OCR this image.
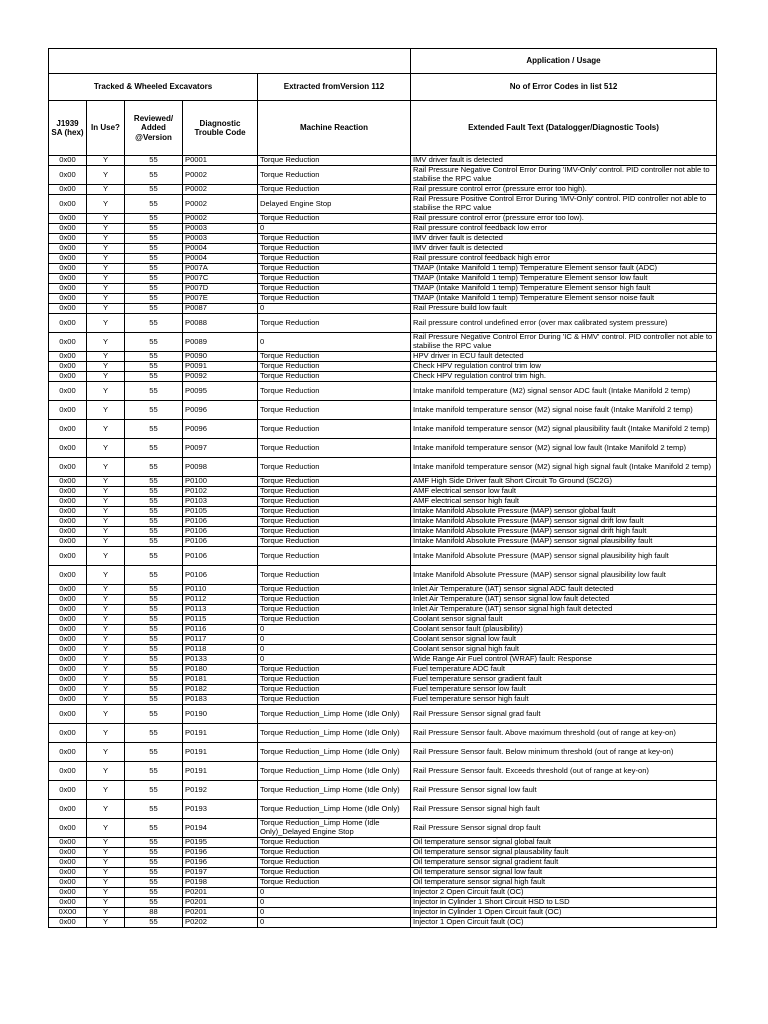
					Application / Usage
Tracked & Wheeled Excavators				Extracted fromVersion 112	No of Error Codes in list 512
J1939 SA (hex)	In Use?	Reviewed/ Added @Version	Diagnostic Trouble Code	Machine Reaction	Extended Fault Text (Datalogger/Diagnostic Tools)
0x00	Y	55	P0001	Torque Reduction	IMV driver fault is detected
0x00	Y	55	P0002	Torque Reduction	Rail Pressure Negative Control Error During 'IMV-Only' control. PID controller not able to stabilise the RPC value
0x00	Y	55	P0002	Torque Reduction	Rail pressure control error (pressure error too high).
0x00	Y	55	P0002	Delayed Engine Stop	Rail Pressure Positive Control Error During 'IMV-Only' control. PID controller not able to stabilise the RPC value
0x00	Y	55	P0002	Torque Reduction	Rail pressure control error (pressure error too low).
0x00	Y	55	P0003	0	Rail pressure control feedback low error
0x00	Y	55	P0003	Torque Reduction	IMV driver fault is detected
0x00	Y	55	P0004	Torque Reduction	IMV driver fault is detected
0x00	Y	55	P0004	Torque Reduction	Rail pressure control feedback high error
0x00	Y	55	P007A	Torque Reduction	TMAP (Intake Manifold 1 temp) Temperature Element sensor fault (ADC)
0x00	Y	55	P007C	Torque Reduction	TMAP (Intake Manifold 1 temp) Temperature Element sensor low fault
0x00	Y	55	P007D	Torque Reduction	TMAP (Intake Manifold 1 temp) Temperature Element sensor high fault
0x00	Y	55	P007E	Torque Reduction	TMAP (Intake Manifold 1 temp) Temperature Element sensor noise fault
0x00	Y	55	P0087	0	Rail Pressure build low fault
0x00	Y	55	P0088	Torque Reduction	Rail pressure control undefined error (over max calibrated system pressure)
0x00	Y	55	P0089	0	Rail Pressure Negative Control Error During 'IC & HMV' control. PID controller not able to stabilise the RPC value
0x00	Y	55	P0090	Torque Reduction	HPV driver in ECU fault detected
0x00	Y	55	P0091	Torque Reduction	Check HPV regulation control trim low
0x00	Y	55	P0092	Torque Reduction	Check HPV regulation control trim high.
0x00	Y	55	P0095	Torque Reduction	Intake manifold temperature (M2) signal sensor ADC fault (Intake Manifold 2 temp)
0x00	Y	55	P0096	Torque Reduction	Intake manifold temperature sensor (M2) signal noise fault (Intake Manifold 2 temp)
0x00	Y	55	P0096	Torque Reduction	Intake manifold temperature sensor (M2) signal plausibility fault (Intake Manifold 2 temp)
0x00	Y	55	P0097	Torque Reduction	Intake manifold temperature sensor (M2) signal low fault (Intake Manifold 2 temp)
0x00	Y	55	P0098	Torque Reduction	Intake manifold temperature sensor (M2) signal high signal fault (Intake Manifold 2 temp)
0x00	Y	55	P0100	Torque Reduction	AMF High Side Driver fault Short Circuit To Ground (SC2G)
0x00	Y	55	P0102	Torque Reduction	AMF electrical sensor low fault
0x00	Y	55	P0103	Torque Reduction	AMF electrical sensor high fault
0x00	Y	55	P0105	Torque Reduction	Intake Manifold Absolute Pressure (MAP) sensor global fault
0x00	Y	55	P0106	Torque Reduction	Intake Manifold Absolute Pressure (MAP) sensor signal drift low fault
0x00	Y	55	P0106	Torque Reduction	Intake Manifold Absolute Pressure (MAP) sensor signal drift high fault
0x00	Y	55	P0106	Torque Reduction	Intake Manifold Absolute Pressure (MAP) sensor signal plausibility fault
0x00	Y	55	P0106	Torque Reduction	Intake Manifold Absolute Pressure (MAP) sensor signal plausibility high fault
0x00	Y	55	P0106	Torque Reduction	Intake Manifold Absolute Pressure (MAP) sensor signal plausibility low fault
0x00	Y	55	P0110	Torque Reduction	Inlet Air Temperature (IAT) sensor signal ADC fault detected
0x00	Y	55	P0112	Torque Reduction	Inlet Air Temperature (IAT) sensor signal low fault detected
0x00	Y	55	P0113	Torque Reduction	Inlet Air Temperature (IAT) sensor signal high fault detected
0x00	Y	55	P0115	Torque Reduction	Coolant sensor signal fault
0x00	Y	55	P0116	0	Coolant sensor fault (plausibility)
0x00	Y	55	P0117	0	Coolant sensor signal low fault
0x00	Y	55	P0118	0	Coolant sensor signal high fault
0x00	Y	55	P0133	0	Wide Range Air Fuel control (WRAF) fault: Response
0x00	Y	55	P0180	Torque Reduction	Fuel temperature ADC fault
0x00	Y	55	P0181	Torque Reduction	Fuel temperature sensor gradient fault
0x00	Y	55	P0182	Torque Reduction	Fuel temperature sensor low fault
0x00	Y	55	P0183	Torque Reduction	Fuel temperature sensor high fault
0x00	Y	55	P0190	Torque Reduction_Limp Home (Idle Only)	Rail Pressure Sensor signal grad fault
0x00	Y	55	P0191	Torque Reduction_Limp Home (Idle Only)	Rail Pressure Sensor fault. Above maximum threshold (out of range at key-on)
0x00	Y	55	P0191	Torque Reduction_Limp Home (Idle Only)	Rail Pressure Sensor fault. Below minimum threshold (out of range at key-on)
0x00	Y	55	P0191	Torque Reduction_Limp Home (Idle Only)	Rail Pressure Sensor fault. Exceeds threshold (out of range at key-on)
0x00	Y	55	P0192	Torque Reduction_Limp Home (Idle Only)	Rail Pressure Sensor signal low fault
0x00	Y	55	P0193	Torque Reduction_Limp Home (Idle Only)	Rail Pressure Sensor signal high fault
0x00	Y	55	P0194	Torque Reduction_Limp Home (Idle Only)_Delayed Engine Stop	Rail Pressure Sensor signal drop fault
0x00	Y	55	P0195	Torque Reduction	Oil temperature sensor signal global fault
0x00	Y	55	P0196	Torque Reduction	Oil temperature sensor signal plausability fault
0x00	Y	55	P0196	Torque Reduction	Oil temperature sensor signal gradient fault
0x00	Y	55	P0197	Torque Reduction	Oil temperature sensor signal low fault
0x00	Y	55	P0198	Torque Reduction	Oil temperature sensor signal high fault
0x00	Y	55	P0201	0	Injector 2 Open Circuit fault (OC)
0x00	Y	55	P0201	0	Injector in Cylinder 1 Short Circuit HSD to LSD
0X00	Y	88	P0201	0	Injector in Cylinder 1 Open Circuit fault (OC)
0x00	Y	55	P0202	0	Injector 1 Open Circuit fault (OC)
